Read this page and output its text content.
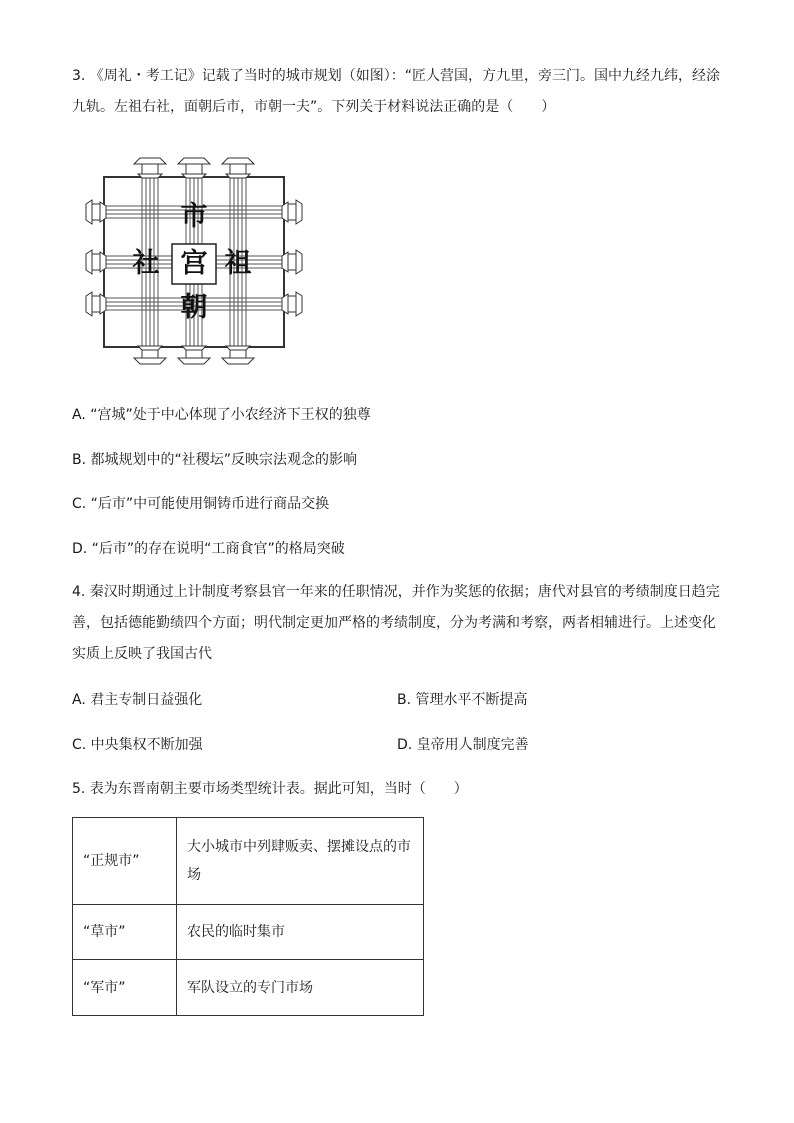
3. 《周礼・考工记》记载了当时的城市规划（如图）：“匠人营国，方九里，旁三门。国中九经九纬，经涂九轨。左祖右社，面朝后市，市朝一夫”。下列关于材料说法正确的是（　　）

市
社 宫 祖
朝

A. “宫城”处于中心体现了小农经济下王权的独尊

B. 都城规划中的“社稷坛”反映宗法观念的影响

C. “后市”中可能使用铜铸币进行商品交换

D. “后市”的存在说明“工商食官”的格局突破

4. 秦汉时期通过上计制度考察县官一年来的任职情况，并作为奖惩的依据；唐代对县官的考绩制度日趋完善，包括德能勤绩四个方面；明代制定更加严格的考绩制度，分为考满和考察，两者相辅进行。上述变化实质上反映了我国古代

A. 君主专制日益强化	B. 管理水平不断提高

C. 中央集权不断加强	D. 皇帝用人制度完善

5. 表为东晋南朝主要市场类型统计表。据此可知，当时（　　）

“正规市”	大小城市中列肆贩卖、摆摊设点的市场
“草市”	农民的临时集市
“军市”	军队设立的专门市场
